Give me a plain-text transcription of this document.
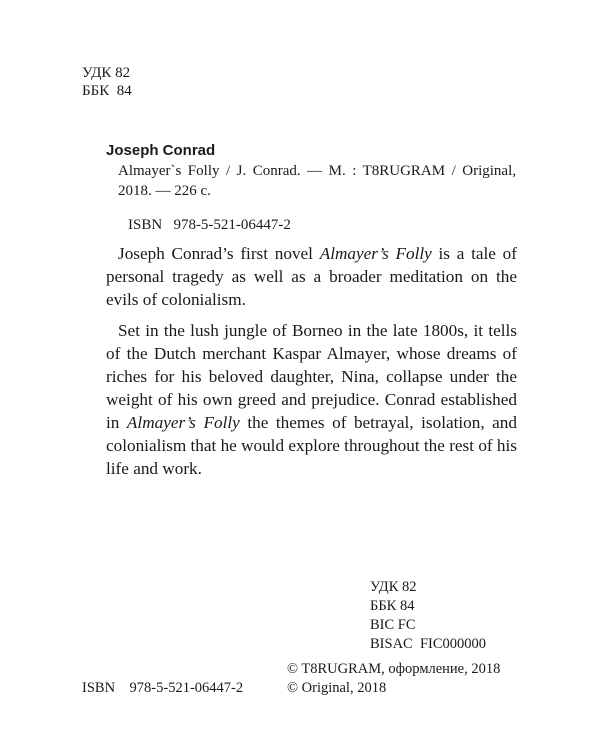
УДК 82
ББК  84
Joseph Conrad
Almayer`s Folly / J. Conrad. — M. : T8RUGRAM / Original, 2018. — 226 c.
ISBN 978-5-521-06447-2

Joseph Conrad’s first novel Almayer’s Folly is a tale of personal tragedy as well as a broader meditation on the evils of colonialism.

Set in the lush jungle of Borneo in the late 1800s, it tells of the Dutch merchant Kaspar Almayer, whose dreams of riches for his beloved daughter, Nina, collapse under the weight of his own greed and prejudice. Conrad established in Almayer’s Folly the themes of betrayal, isolation, and colonialism that he would explore throughout the rest of his life and work.

УДК 82
ББК 84
BIC FC
BISAC  FIC000000
© T8RUGRAM, оформление, 2018
© Original, 2018
ISBN 978-5-521-06447-2
